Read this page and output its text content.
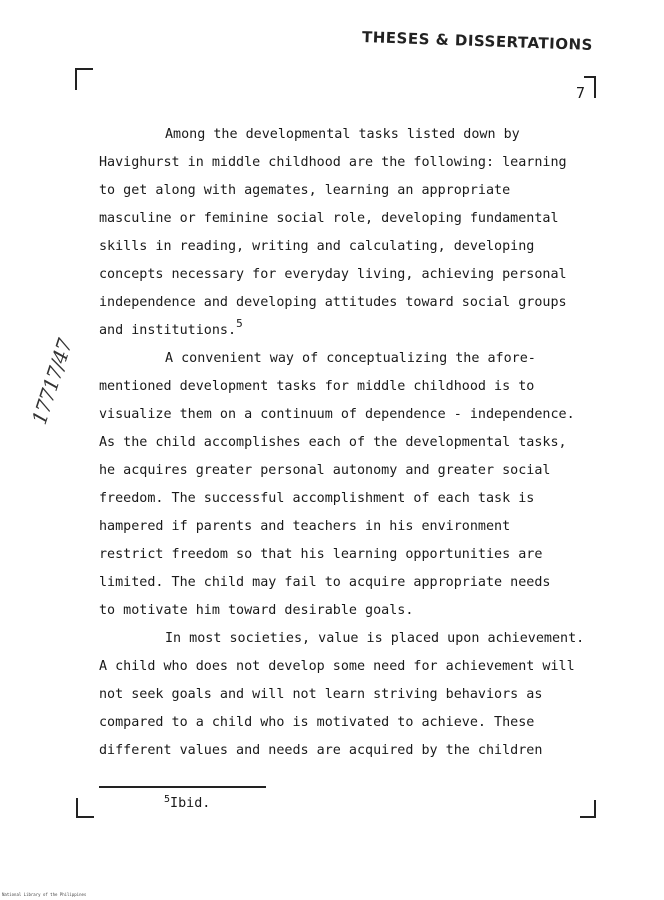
THESES & DISSERTATIONS
7
17717/47
Among the developmental tasks listed down by
Havighurst in middle childhood are the following: learning
to get along with agemates, learning an appropriate
masculine or feminine social role, developing fundamental
skills in reading, writing and calculating, developing
concepts necessary for everyday living, achieving personal
independence and developing attitudes toward social groups
and institutions.$^5$
A convenient way of conceptualizing the afore-
mentioned development tasks for middle childhood is to
visualize them on a continuum of dependence - independence.
As the child accomplishes each of the developmental tasks,
he acquires greater personal autonomy and greater social
freedom. The successful accomplishment of each task is
hampered if parents and teachers in his environment
restrict freedom so that his learning opportunities are
limited. The child may fail to acquire appropriate needs
to motivate him toward desirable goals.
In most societies, value is placed upon achievement.
A child who does not develop some need for achievement will
not seek goals and will not learn striving behaviors as
compared to a child who is motivated to achieve. These
different values and needs are acquired by the children
$^5$Ibid.
National Library of the Philippines
